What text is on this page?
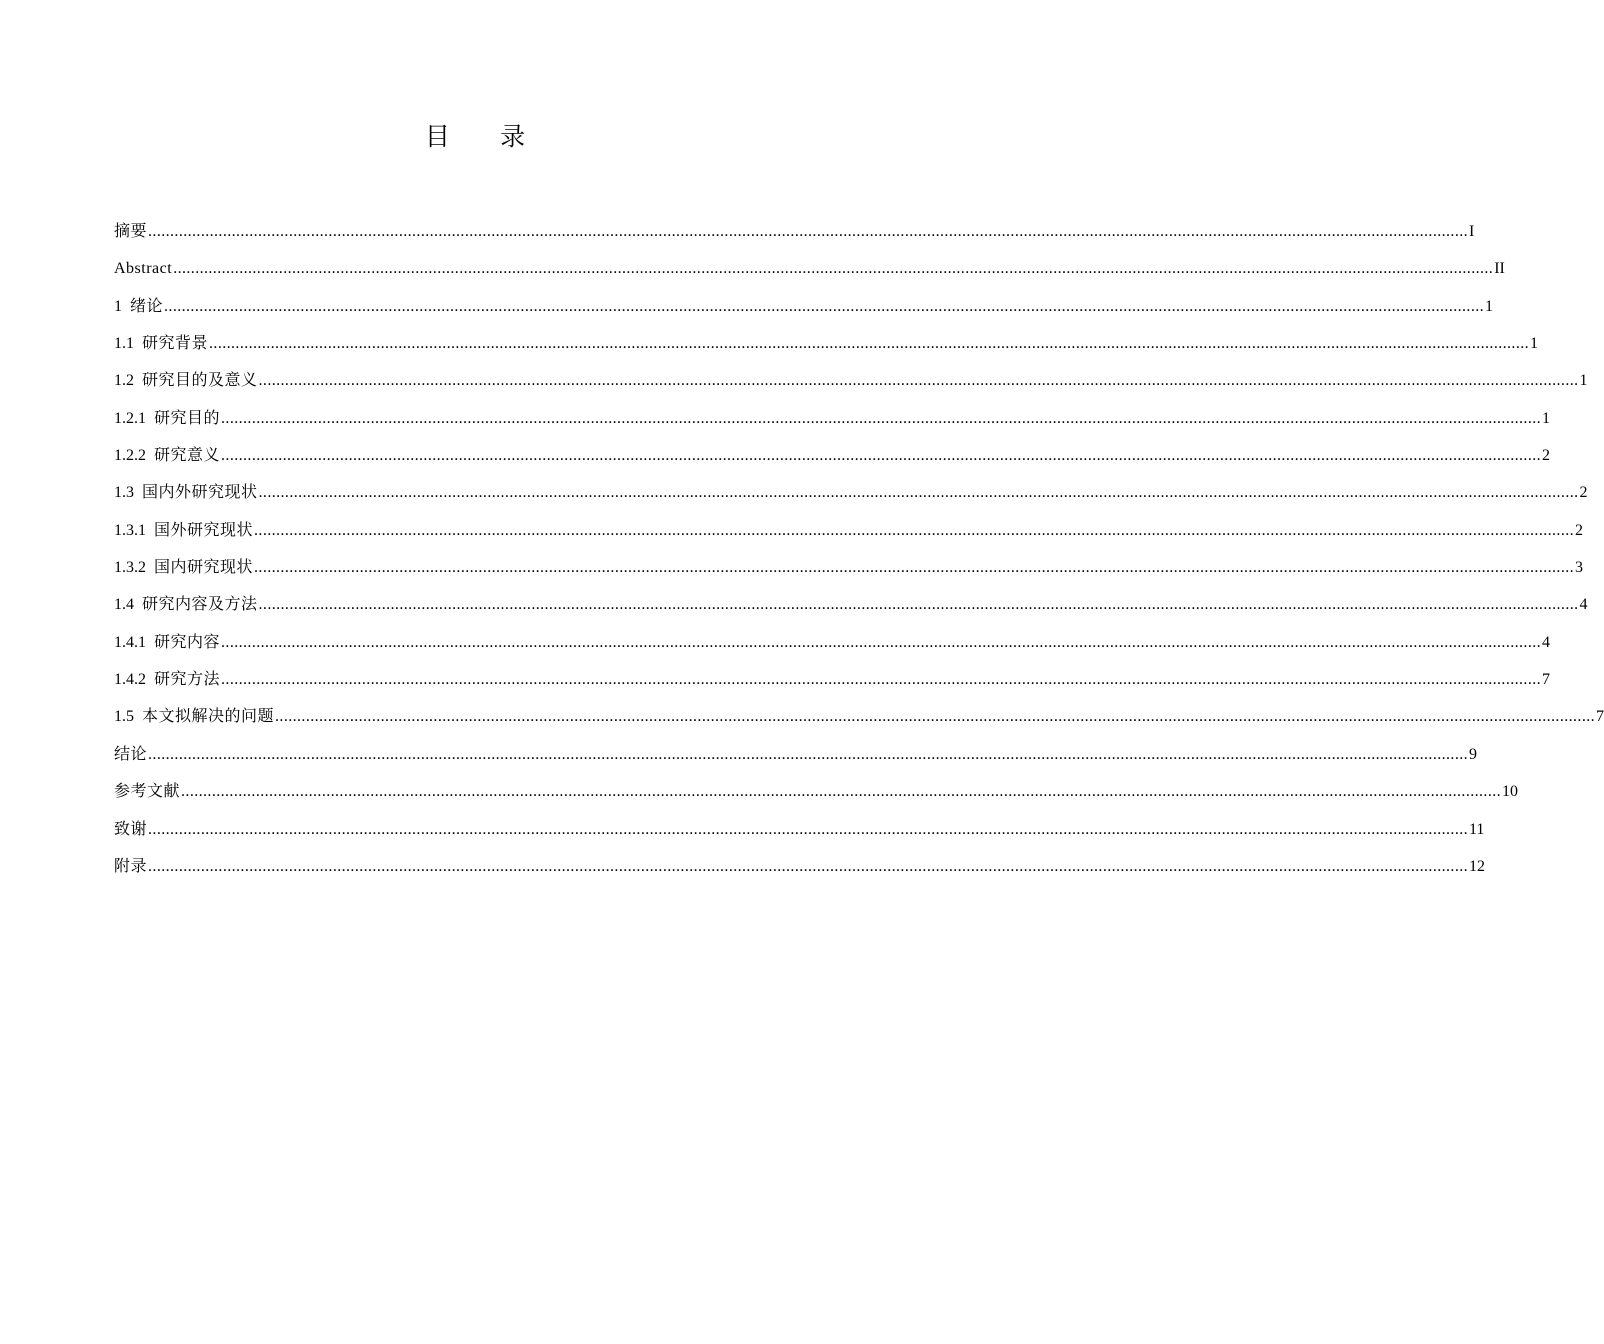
目 录
摘要 ............................................................................................................................................................................................................................................................................................................ I
Abstract ............................................................................................................................................................................................................................................................................................................ II
1 绪论 ............................................................................................................................................................................................................................................................................................................ 1
1.1 研究背景 ............................................................................................................................................................................................................................................................................................................ 1
1.2 研究目的及意义 ............................................................................................................................................................................................................................................................................................................ 1
1.2.1 研究目的 ............................................................................................................................................................................................................................................................................................................ 1
1.2.2 研究意义 ............................................................................................................................................................................................................................................................................................................ 2
1.3 国内外研究现状 ............................................................................................................................................................................................................................................................................................................ 2
1.3.1 国外研究现状 ............................................................................................................................................................................................................................................................................................................ 2
1.3.2 国内研究现状 ............................................................................................................................................................................................................................................................................................................ 3
1.4 研究内容及方法 ............................................................................................................................................................................................................................................................................................................ 4
1.4.1 研究内容 ............................................................................................................................................................................................................................................................................................................ 4
1.4.2 研究方法 ............................................................................................................................................................................................................................................................................................................ 7
1.5 本文拟解决的问题 ............................................................................................................................................................................................................................................................................................................ 7
结论 ............................................................................................................................................................................................................................................................................................................ 9
参考文献 ............................................................................................................................................................................................................................................................................................................ 10
致谢 ............................................................................................................................................................................................................................................................................................................ 11
附录 ............................................................................................................................................................................................................................................................................................................ 12
